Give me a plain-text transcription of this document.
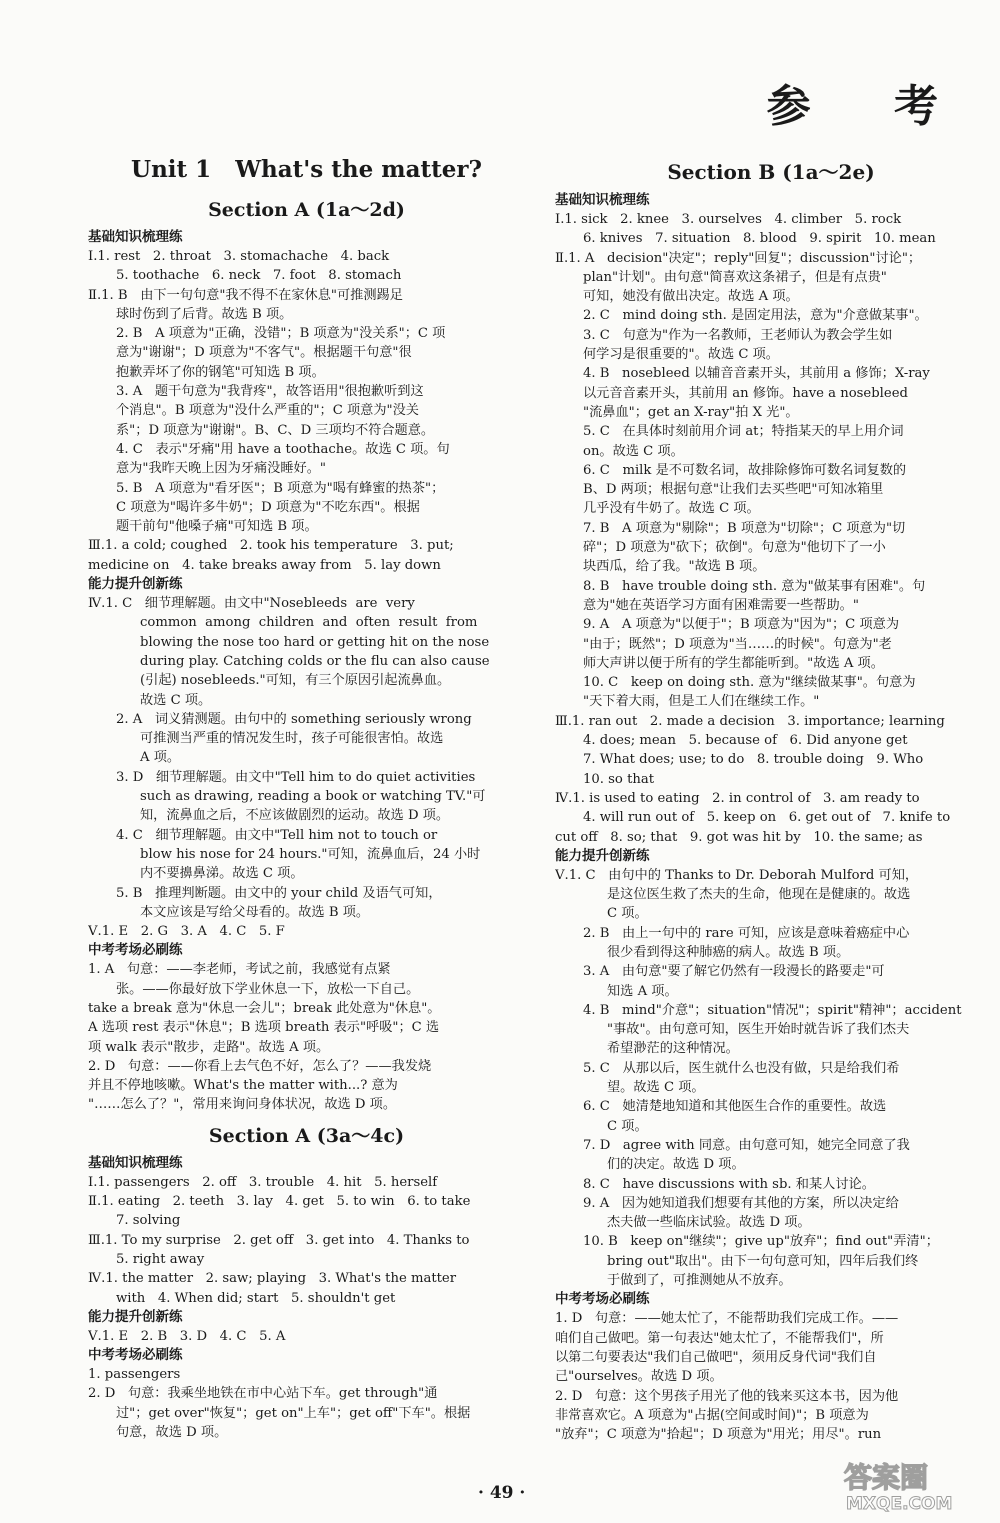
参 考
Unit 1   What's the matter?
Section A (1a～2d)
基础知识梳理练
Ⅰ.1. rest   2. throat   3. stomachache   4. back
5. toothache   6. neck   7. foot   8. stomach
Ⅱ.1. B   由下一句句意"我不得不在家休息"可推测踢足
球时伤到了后背。故选 B 项。
2. B   A 项意为"正确，没错"；B 项意为"没关系"；C 项
意为"谢谢"；D 项意为"不客气"。根据题干句意"很
抱歉弄坏了你的钢笔"可知选 B 项。
3. A   题干句意为"我背疼"，故答语用"很抱歉听到这
个消息"。B 项意为"没什么严重的"；C 项意为"没关
系"；D 项意为"谢谢"。B、C、D 三项均不符合题意。
4. C   表示"牙痛"用 have a toothache。故选 C 项。句
意为"我昨天晚上因为牙痛没睡好。"
5. B   A 项意为"看牙医"；B 项意为"喝有蜂蜜的热茶"；
C 项意为"喝许多牛奶"；D 项意为"不吃东西"。根据
题干前句"他嗓子痛"可知选 B 项。
Ⅲ.1. a cold; coughed   2. took his temperature   3. put;
medicine on   4. take breaks away from   5. lay down
能力提升创新练
Ⅳ.1. C   细节理解题。由文中"Nosebleeds  are  very
common  among  children  and  often  result  from
blowing the nose too hard or getting hit on the nose
during play. Catching colds or the flu can also cause
(引起) nosebleeds."可知，有三个原因引起流鼻血。
故选 C 项。
2. A   词义猜测题。由句中的 something seriously wrong
可推测当严重的情况发生时，孩子可能很害怕。故选
A 项。
3. D   细节理解题。由文中"Tell him to do quiet activities
such as drawing, reading a book or watching TV."可
知，流鼻血之后，不应该做剧烈的运动。故选 D 项。
4. C   细节理解题。由文中"Tell him not to touch or
blow his nose for 24 hours."可知，流鼻血后，24 小时
内不要擤鼻涕。故选 C 项。
5. B   推理判断题。由文中的 your child 及语气可知，
本文应该是写给父母看的。故选 B 项。
Ⅴ.1. E   2. G   3. A   4. C   5. F
中考考场必刷练
1. A   句意：——李老师，考试之前，我感觉有点紧
张。——你最好放下学业休息一下，放松一下自己。
take a break 意为"休息一会儿"；break 此处意为"休息"。
A 选项 rest 表示"休息"；B 选项 breath 表示"呼吸"；C 选
项 walk 表示"散步，走路"。故选 A 项。
2. D   句意：——你看上去气色不好，怎么了？——我发烧
并且不停地咳嗽。What's the matter with...? 意为
"……怎么了？"，常用来询问身体状况，故选 D 项。
Section A (3a～4c)
基础知识梳理练
Ⅰ.1. passengers   2. off   3. trouble   4. hit   5. herself
Ⅱ.1. eating   2. teeth   3. lay   4. get   5. to win   6. to take
7. solving
Ⅲ.1. To my surprise   2. get off   3. get into   4. Thanks to
5. right away
Ⅳ.1. the matter   2. saw; playing   3. What's the matter
with   4. When did; start   5. shouldn't get
能力提升创新练
Ⅴ.1. E   2. B   3. D   4. C   5. A
中考考场必刷练
1. passengers
2. D   句意：我乘坐地铁在市中心站下车。get through"通
过"；get over"恢复"；get on"上车"；get off"下车"。根据
句意，故选 D 项。
Section B (1a～2e)
基础知识梳理练
Ⅰ.1. sick   2. knee   3. ourselves   4. climber   5. rock
6. knives   7. situation   8. blood   9. spirit   10. mean
Ⅱ.1. A   decision"决定"；reply"回复"；discussion"讨论"；
plan"计划"。由句意"简喜欢这条裙子，但是有点贵"
可知，她没有做出决定。故选 A 项。
2. C   mind doing sth. 是固定用法，意为"介意做某事"。
3. C   句意为"作为一名教师，王老师认为教会学生如
何学习是很重要的"。故选 C 项。
4. B   nosebleed 以辅音音素开头，其前用 a 修饰；X-ray
以元音音素开头，其前用 an 修饰。have a nosebleed
"流鼻血"；get an X-ray"拍 X 光"。
5. C   在具体时刻前用介词 at；特指某天的早上用介词
on。故选 C 项。
6. C   milk 是不可数名词，故排除修饰可数名词复数的
B、D 两项；根据句意"让我们去买些吧"可知冰箱里
几乎没有牛奶了。故选 C 项。
7. B   A 项意为"剔除"；B 项意为"切除"；C 项意为"切
碎"；D 项意为"砍下；砍倒"。句意为"他切下了一小
块西瓜，给了我。"故选 B 项。
8. B   have trouble doing sth. 意为"做某事有困难"。句
意为"她在英语学习方面有困难需要一些帮助。"
9. A   A 项意为"以便于"；B 项意为"因为"；C 项意为
"由于；既然"；D 项意为"当……的时候"。句意为"老
师大声讲以便于所有的学生都能听到。"故选 A 项。
10. C   keep on doing sth. 意为"继续做某事"。句意为
"天下着大雨，但是工人们在继续工作。"
Ⅲ.1. ran out   2. made a decision   3. importance; learning
4. does; mean   5. because of   6. Did anyone get
7. What does; use; to do   8. trouble doing   9. Who
10. so that
Ⅳ.1. is used to eating   2. in control of   3. am ready to
4. will run out of   5. keep on   6. get out of   7. knife to
cut off   8. so; that   9. got was hit by   10. the same; as
能力提升创新练
Ⅴ.1. C   由句中的 Thanks to Dr. Deborah Mulford 可知，
是这位医生救了杰夫的生命，他现在是健康的。故选
C 项。
2. B   由上一句中的 rare 可知，应该是意味着癌症中心
很少看到得这种肺癌的病人。故选 B 项。
3. A   由句意"要了解它仍然有一段漫长的路要走"可
知选 A 项。
4. B   mind"介意"；situation"情况"；spirit"精神"；accident
"事故"。由句意可知，医生开始时就告诉了我们杰夫
希望渺茫的这种情况。
5. C   从那以后，医生就什么也没有做，只是给我们希
望。故选 C 项。
6. C   她清楚地知道和其他医生合作的重要性。故选
C 项。
7. D   agree with 同意。由句意可知，她完全同意了我
们的决定。故选 D 项。
8. C   have discussions with sb. 和某人讨论。
9. A   因为她知道我们想要有其他的方案，所以决定给
杰夫做一些临床试验。故选 D 项。
10. B   keep on"继续"；give up"放弃"；find out"弄清"；
bring out"取出"。由下一句句意可知，四年后我们终
于做到了，可推测她从不放弃。
中考考场必刷练
1. D   句意：——她太忙了，不能帮助我们完成工作。——
咱们自己做吧。第一句表达"她太忙了，不能帮我们"，所
以第二句要表达"我们自己做吧"，须用反身代词"我们自
己"ourselves。故选 D 项。
2. D   句意：这个男孩子用光了他的钱来买这本书，因为他
非常喜欢它。A 项意为"占据(空间或时间)"；B 项意为
"放弃"；C 项意为"拾起"；D 项意为"用光；用尽"。run
· 49 ·	答案圈
MXQE.COM
